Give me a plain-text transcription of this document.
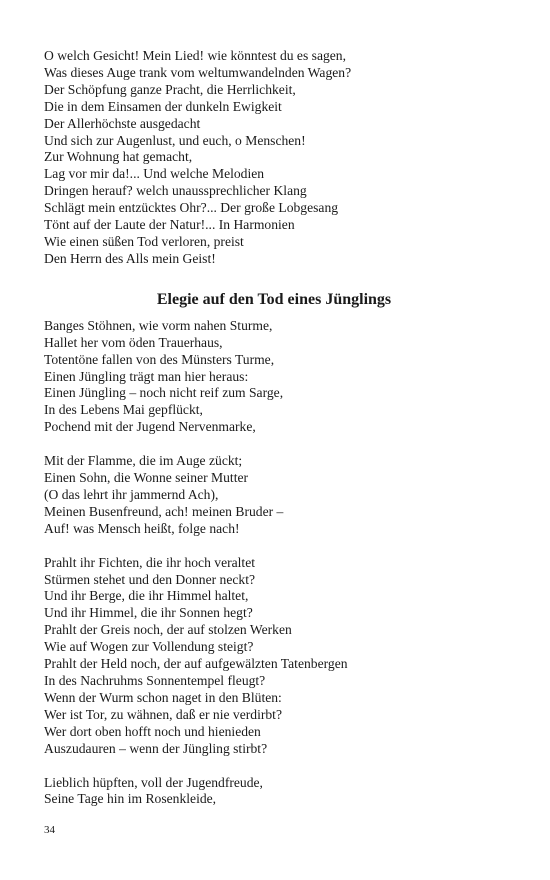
O welch Gesicht! Mein Lied! wie könntest du es sagen,
Was dieses Auge trank vom weltumwandelnden Wagen?
Der Schöpfung ganze Pracht, die Herrlichkeit,
Die in dem Einsamen der dunkeln Ewigkeit
Der Allerhöchste ausgedacht
Und sich zur Augenlust, und euch, o Menschen!
Zur Wohnung hat gemacht,
Lag vor mir da!... Und welche Melodien
Dringen herauf? welch unaussprechlicher Klang
Schlägt mein entzücktes Ohr?... Der große Lobgesang
Tönt auf der Laute der Natur!... In Harmonien
Wie einen süßen Tod verloren, preist
Den Herrn des Alls mein Geist!
Elegie auf den Tod eines Jünglings
Banges Stöhnen, wie vorm nahen Sturme,
Hallet her vom öden Trauerhaus,
Totentöne fallen von des Münsters Turme,
Einen Jüngling trägt man hier heraus:
Einen Jüngling – noch nicht reif zum Sarge,
In des Lebens Mai gepflückt,
Pochend mit der Jugend Nervenmarke,
Mit der Flamme, die im Auge zückt;
Einen Sohn, die Wonne seiner Mutter
(O das lehrt ihr jammernd Ach),
Meinen Busenfreund, ach! meinen Bruder –
Auf! was Mensch heißt, folge nach!
Prahlt ihr Fichten, die ihr hoch veraltet
Stürmen stehet und den Donner neckt?
Und ihr Berge, die ihr Himmel haltet,
Und ihr Himmel, die ihr Sonnen hegt?
Prahlt der Greis noch, der auf stolzen Werken
Wie auf Wogen zur Vollendung steigt?
Prahlt der Held noch, der auf aufgewälzten Tatenbergen
In des Nachruhms Sonnentempel fleugt?
Wenn der Wurm schon naget in den Blüten:
Wer ist Tor, zu wähnen, daß er nie verdirbt?
Wer dort oben hofft noch und hienieden
Auszudauren – wenn der Jüngling stirbt?
Lieblich hüpften, voll der Jugendfreude,
Seine Tage hin im Rosenkleide,
34
